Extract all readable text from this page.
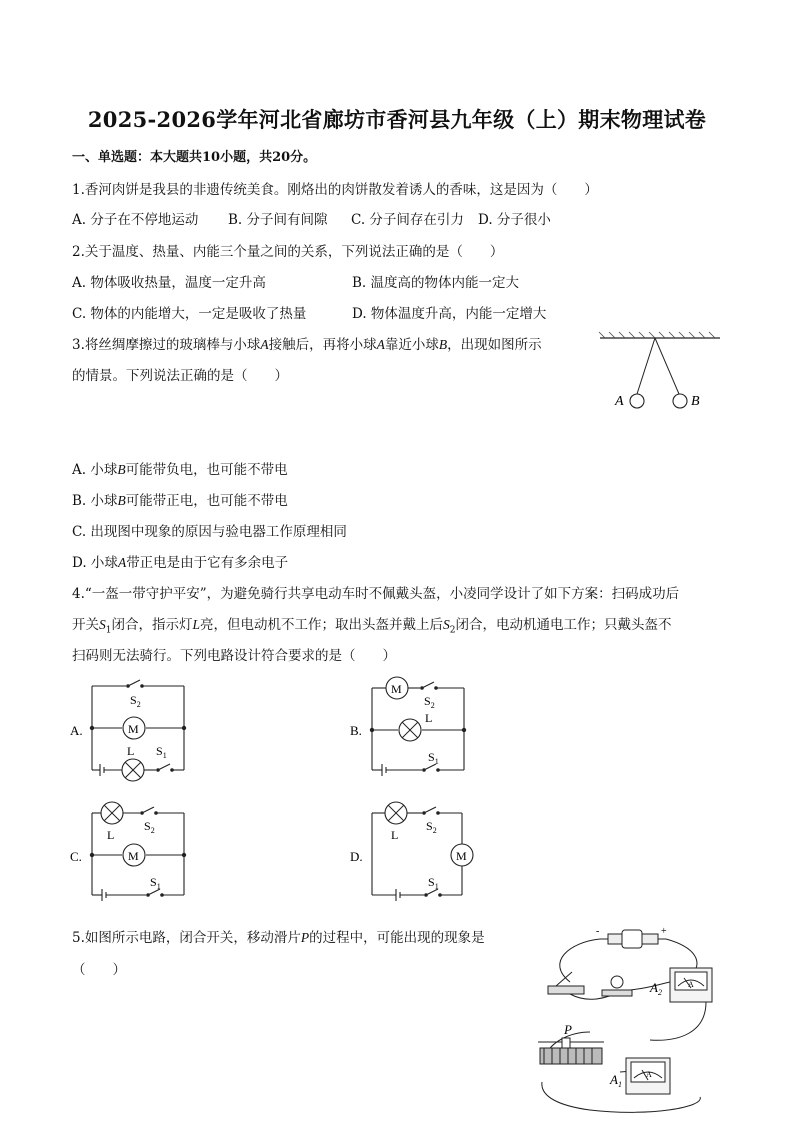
2025-2026学年河北省廊坊市香河县九年级（上）期末物理试卷
一、单选题：本大题共10小题，共20分。
1.香河肉饼是我县的非遗传统美食。刚烙出的肉饼散发着诱人的香味，这是因为（　　）
A. 分子在不停地运动 B. 分子间有间隙 C. 分子间存在引力 D. 分子很小
2.关于温度、热量、内能三个量之间的关系，下列说法正确的是（　　）
A. 物体吸收热量，温度一定升高	B. 温度高的物体内能一定大
C. 物体的内能增大，一定是吸收了热量	D. 物体温度升高，内能一定增大
3.将丝绸摩擦过的玻璃棒与小球A接触后，再将小球A靠近小球B，出现如图所示
的情景。下列说法正确的是（　　）
A	B
A. 小球B可能带负电，也可能不带电
B. 小球B可能带正电，也可能不带电
C. 出现图中现象的原因与验电器工作原理相同
D. 小球A带正电是由于它有多余电子
4.“一盔一带守护平安”，为避免骑行共享电动车时不佩戴头盔，小凌同学设计了如下方案：扫码成功后
开关$S_1$闭合，指示灯L亮，但电动机不工作；取出头盔并戴上后$S_2$闭合，电动机通电工作；只戴头盔不
扫码则无法骑行。下列电路设计符合要求的是（　　）
A.	M
$S_2$
L $S_1$
B.
M
$S_2$
L
$S_1$
C.	M
L
$S_2$
$S_1$
D.	M
L
$S_2$
$S_1$
5.如图所示电路，闭合开关，移动滑片P的过程中，可能出现的现象是
（　　）
+
-
A
A
$A_2$
$A_1$
P
